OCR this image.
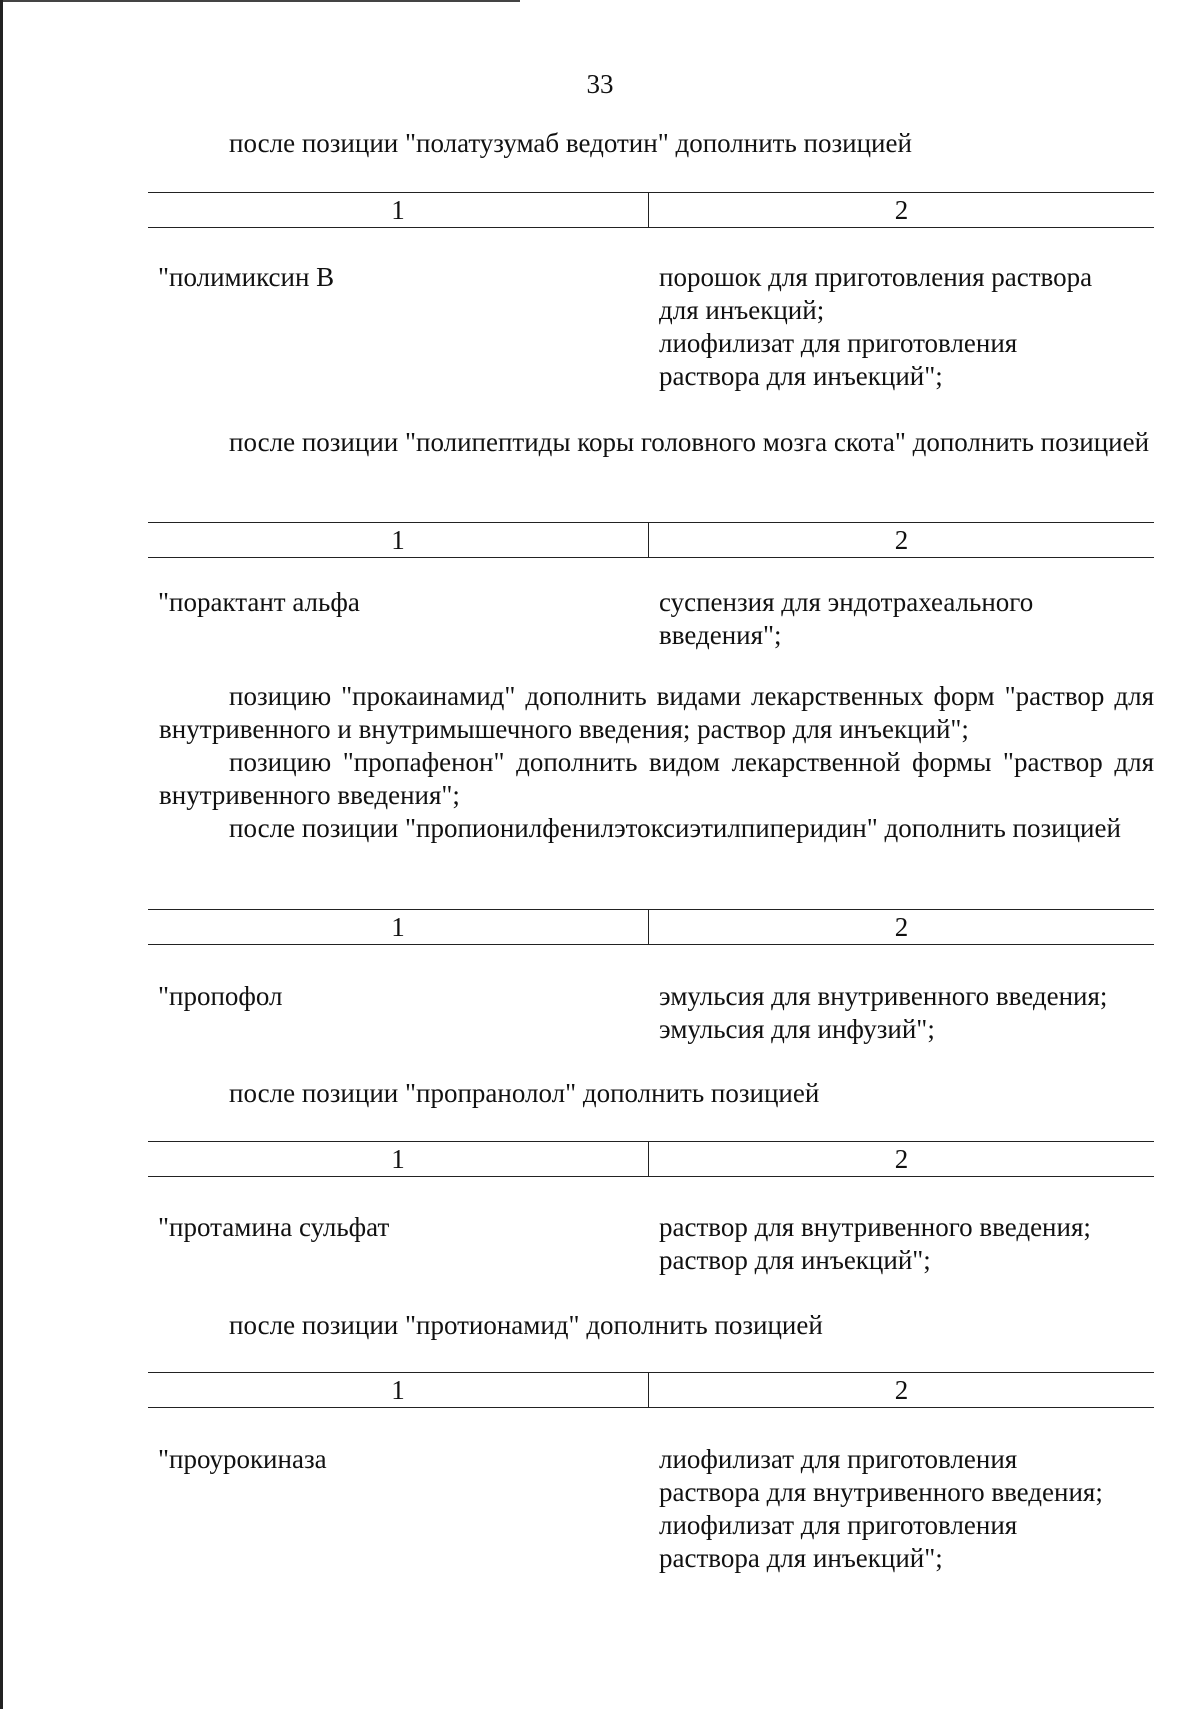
33
после позиции "полатузумаб ведотин" дополнить позицией
1	2
"полимиксин В	порошок для приготовления раствора
для инъекций;
лиофилизат для приготовления
раствора для инъекций";
после позиции "полипептиды коры головного мозга скота" дополнить позицией
1	2
"порактант альфа	суспензия для эндотрахеального
введения";
позицию "прокаинамид" дополнить видами лекарственных форм "раствор для внутривенного и внутримышечного введения; раствор для инъекций";
позицию "пропафенон" дополнить видом лекарственной формы "раствор для внутривенного введения";
после позиции "пропионилфенилэтоксиэтилпиперидин" дополнить позицией
1	2
"пропофол	эмульсия для внутривенного введения;
эмульсия для инфузий";
после позиции "пропранолол" дополнить позицией
1	2
"протамина сульфат	раствор для внутривенного введения;
раствор для инъекций";
после позиции "протионамид" дополнить позицией
1	2
"проурокиназа	лиофилизат для приготовления
раствора для внутривенного введения;
лиофилизат для приготовления
раствора для инъекций";
